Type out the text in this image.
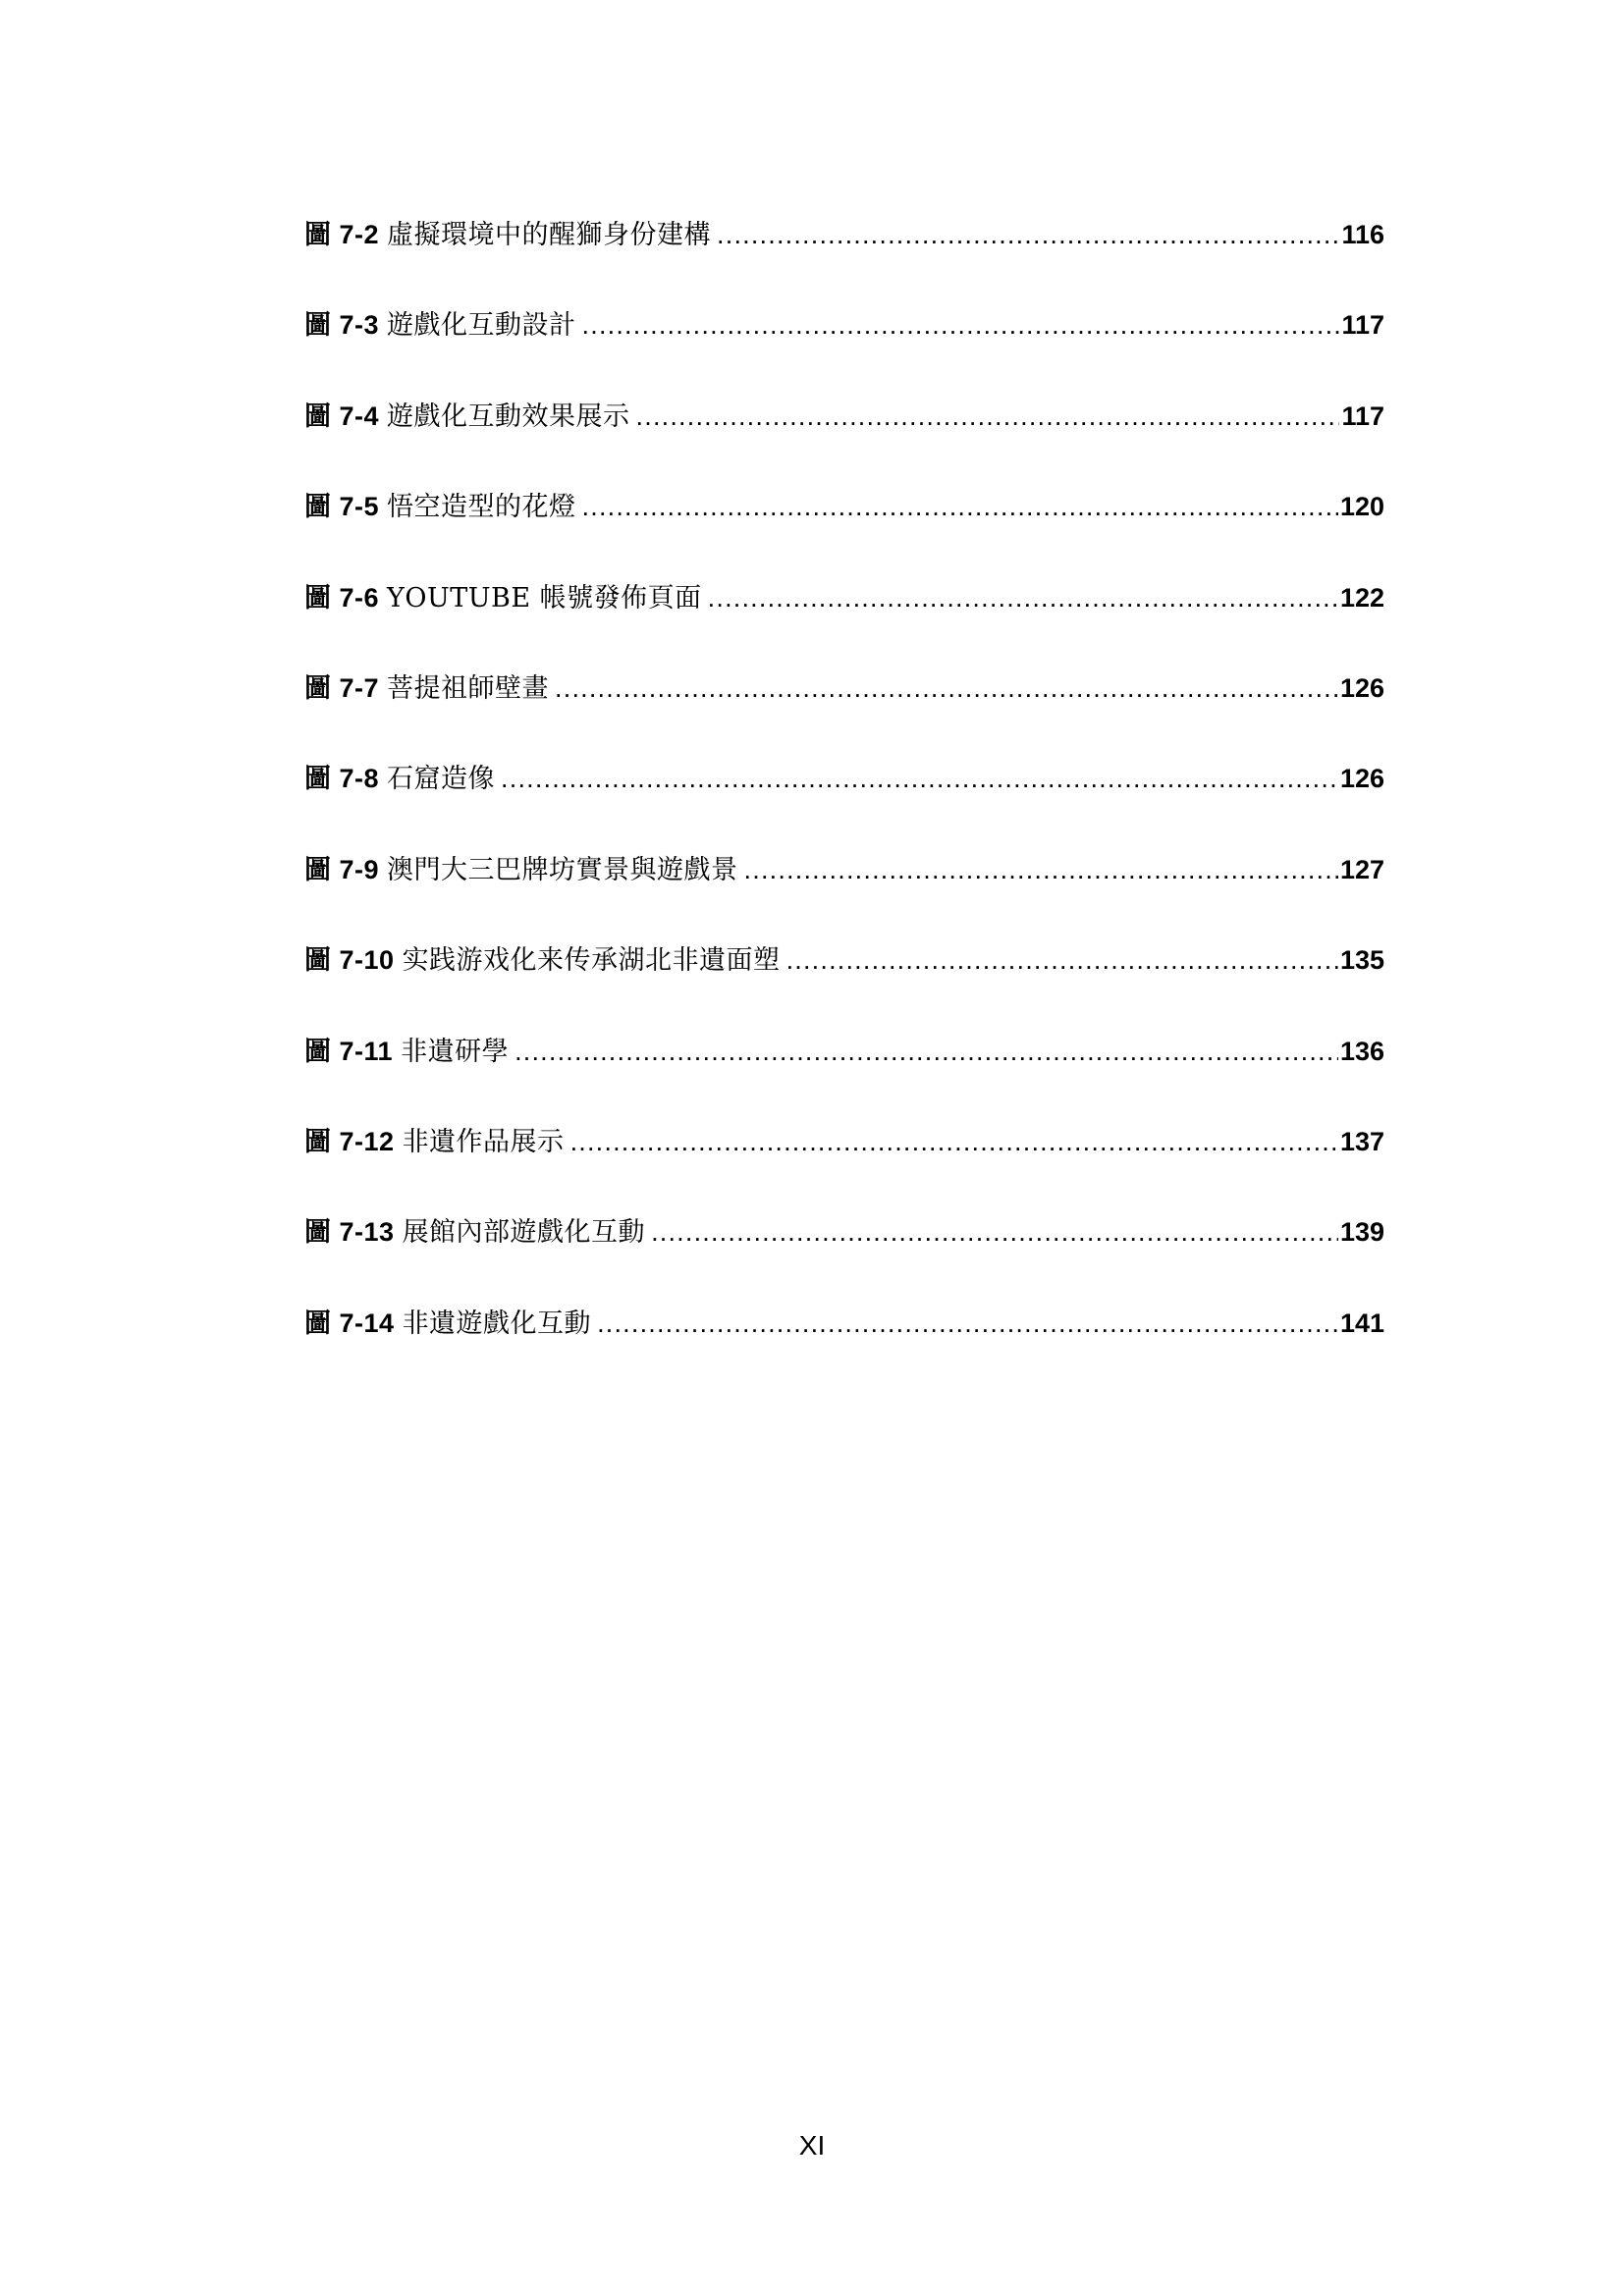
圖 7-2 虛擬環境中的醒獅身份建構 .....	116
圖 7-3 遊戲化互動設計 .....	117
圖 7-4 遊戲化互動效果展示 .....	117
圖 7-5 悟空造型的花燈 .....	120
圖 7-6 YOUTUBE 帳號發佈頁面 .....	122
圖 7-7 菩提祖師壁畫 .....	126
圖 7-8 石窟造像 .....	126
圖 7-9 澳門大三巴牌坊實景與遊戲景 .....	127
圖 7-10 实践游戏化来传承湖北非遺面塑 .....	135
圖 7-11 非遺研學 .....	136
圖 7-12 非遺作品展示 .....	137
圖 7-13 展館內部遊戲化互動 .....	139
圖 7-14 非遺遊戲化互動 .....	141
XI
